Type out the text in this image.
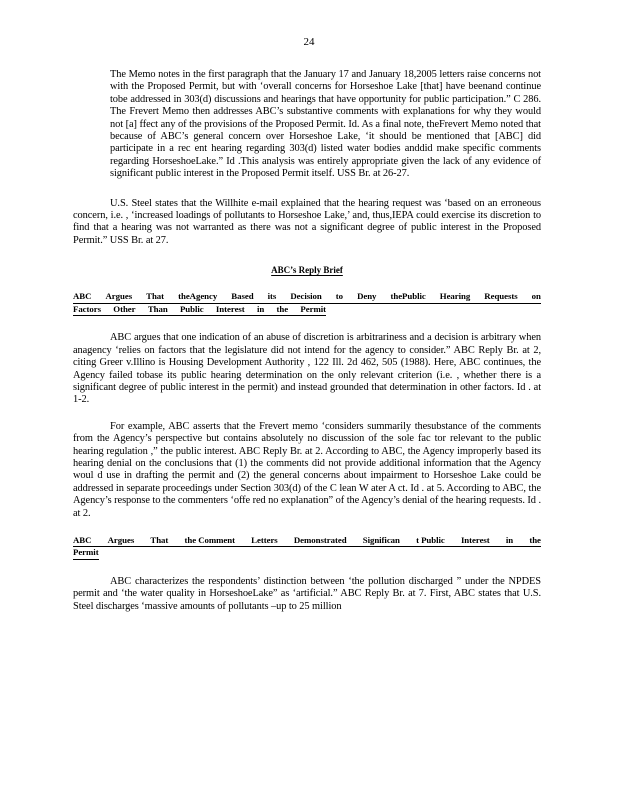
24

The Memo notes in the first paragraph that the January 17 and January 18,2005 letters raise concerns not with the Proposed Permit, but with ‘overall concerns for Horseshoe Lake [that] have beenand continue tobe addressed in 303(d) discussions and hearings that have opportunity for public participation.” C 286. The Frevert Memo then addresses ABC’s substantive comments with explanations for why they would not [a] ffect any of the provisions of the Proposed Permit. Id. As a final note, theFrevert Memo noted that because of ABC’s general concern over Horseshoe Lake, ‘it should be mentioned that [ABC] did participate in a rec ent hearing regarding 303(d) listed water bodies anddid make specific comments regarding HorseshoeLake.” Id .This analysis was entirely appropriate given the lack of any evidence of significant public interest in the Proposed Permit itself. USS Br. at 26-27.

U.S. Steel states that the Willhite e-mail explained that the hearing request was ‘based on an erroneous concern, i.e. , ‘increased loadings of pollutants to Horseshoe Lake,’ and, thus,IEPA could exercise its discretion to find that a hearing was not warranted as there was not a significant degree of public interest in the Proposed Permit.” USS Br. at 27.

ABC’s Reply Brief
ABC Argues That theAgency Based its Decision to Deny thePublic Hearing Requests on
Factors Other Than Public Interest in the Permit

ABC argues that one indication of an abuse of discretion is arbitrariness and a decision is arbitrary when anagency ‘relies on factors that the legislature did not intend for the agency to consider.” ABC Reply Br. at 2, citing Greer v.Illino is Housing Development Authority , 122 Ill. 2d 462, 505 (1988). Here, ABC continues, the Agency failed tobase its public hearing determination on the only relevant criterion (i.e. , whether there is a significant degree of public interest in the permit) and instead grounded that determination in other factors. Id . at 1-2.

For example, ABC asserts that the Frevert memo ‘considers summarily thesubstance of the comments from the Agency’s perspective but contains absolutely no discussion of the sole fac tor relevant to the public hearing regulation ,” the public interest. ABC Reply Br. at 2. According to ABC, the Agency improperly based its hearing denial on the conclusions that (1) the comments did not provide additional information that the Agency woul d use in drafting the permit and (2) the general concerns about impairment to Horseshoe Lake could be addressed in separate proceedings under Section 303(d) of the C lean W ater A ct. Id . at 5. According to ABC, the Agency’s response to the commenters ‘offe red no explanation” of the Agency’s denial of the hearing requests. Id . at 2.

ABC Argues That the Comment Letters Demonstrated Significan t Public Interest in the
Permit

ABC characterizes the respondents’ distinction between ‘the pollution discharged ” under the NPDES permit and ‘the water quality in HorseshoeLake” as ‘artificial.” ABC Reply Br. at 7. First, ABC states that U.S. Steel discharges ‘massive amounts of pollutants –up to 25 million
